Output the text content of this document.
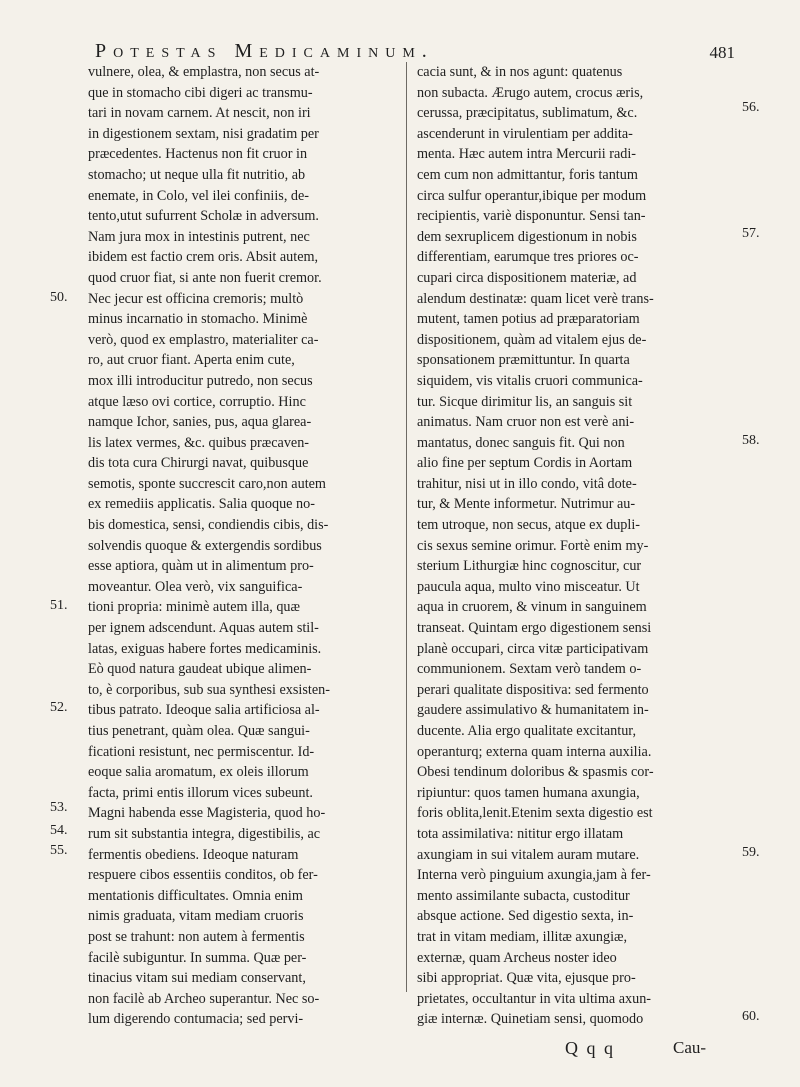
Potestas Medicaminum.	481
vulnere, olea, & emplastra, non secus at-
que in stomacho cibi digeri ac transmu-
tari in novam carnem. At nescit, non iri
in digestionem sextam, nisi gradatim per
præcedentes. Hactenus non fit cruor in
stomacho; ut neque ulla fit nutritio, ab
enemate, in Colo, vel ilei confiniis, de-
tento,utut sufurrent Scholæ in adversum.
Nam jura mox in intestinis putrent, nec
ibidem est factio crem oris. Absit autem,
quod cruor fiat, si ante non fuerit cremor.
Nec jecur est officina cremoris; multò
minus incarnatio in stomacho. Minimè
verò, quod ex emplastro, materialiter ca-
ro, aut cruor fiant. Aperta enim cute,
mox illi introducitur putredo, non secus
atque læso ovi cortice, corruptio. Hinc
namque Ichor, sanies, pus, aqua glarea-
lis latex vermes, &c. quibus præcaven-
dis tota cura Chirurgi navat, quibusque
semotis, sponte succrescit caro,non autem
ex remediis applicatis. Salia quoque no-
bis domestica, sensi, condiendis cibis, dis-
solvendis quoque & extergendis sordibus
esse aptiora, quàm ut in alimentum pro-
moveantur. Olea verò, vix sanguifica-
tioni propria: minimè autem illa, quæ
per ignem adscendunt. Aquas autem stil-
latas, exiguas habere fortes medicaminis.
Eò quod natura gaudeat ubique alimen-
to, è corporibus, sub sua synthesi exsisten-
tibus patrato. Ideoque salia artificiosa al-
tius penetrant, quàm olea. Quæ sangui-
ficationi resistunt, nec permiscentur. Id-
eoque salia aromatum, ex oleis illorum
facta, primi entis illorum vices subeunt.
Magni habenda esse Magisteria, quod ho-
rum sit substantia integra, digestibilis, ac
fermentis obediens. Ideoque naturam
respuere cibos essentiis conditos, ob fer-
mentationis difficultates. Omnia enim
nimis graduata, vitam mediam cruoris
post se trahunt: non autem à fermentis
facilè subiguntur. In summa. Quæ per-
tinacius vitam sui mediam conservant,
non facilè ab Archeo superantur. Nec so-
lum digerendo contumacia; sed pervi-
cacia sunt, & in nos agunt: quatenus
non subacta. Ærugo autem, crocus æris,
cerussa, præcipitatus, sublimatum, &c.
ascenderunt in virulentiam per addita-
menta. Hæc autem intra Mercurii radi-
cem cum non admittantur, foris tantum
circa sulfur operantur,ibique per modum
recipientis, variè disponuntur. Sensi tan-
dem sexruplicem digestionum in nobis
differentiam, earumque tres priores oc-
cupari circa dispositionem materiæ, ad
alendum destinatæ: quam licet verè trans-
mutent, tamen potius ad præparatoriam
dispositionem, quàm ad vitalem ejus de-
sponsationem præmittuntur. In quarta
siquidem, vis vitalis cruori communica-
tur. Sicque dirimitur lis, an sanguis sit
animatus. Nam cruor non est verè ani-
mantatus, donec sanguis fit. Qui non
alio fine per septum Cordis in Aortam
trahitur, nisi ut in illo condo, vitâ dote-
tur, & Mente informetur. Nutrimur au-
tem utroque, non secus, atque ex dupli-
cis sexus semine orimur. Fortè enim my-
sterium Lithurgiæ hinc cognoscitur, cur
paucula aqua, multo vino misceatur. Ut
aqua in cruorem, & vinum in sanguinem
transeat. Quintam ergo digestionem sensi
planè occupari, circa vitæ participativam
communionem. Sextam verò tandem o-
perari qualitate dispositiva: sed fermento
gaudere assimulativo & humanitatem in-
ducente. Alia ergo qualitate excitantur,
operanturq; externa quam interna auxilia.
Obesi tendinum doloribus & spasmis cor-
ripiuntur: quos tamen humana axungia,
foris oblita,lenit.Etenim sexta digestio est
tota assimilativa: nititur ergo illatam
axungiam in sui vitalem auram mutare.
Interna verò pinguium axungia,jam à fer-
mento assimilante subacta, custoditur
absque actione. Sed digestio sexta, in-
trat in vitam mediam, illitæ axungiæ,
externæ, quam Archeus noster ideo
sibi appropriat. Quæ vita, ejusque pro-
prietates, occultantur in vita ultima axun-
giæ internæ. Quinetiam sensi, quomodo
50.
51.
52.
53.
54.
55.
56.
57.
58.
59.
60.
Q q q	Cau-
